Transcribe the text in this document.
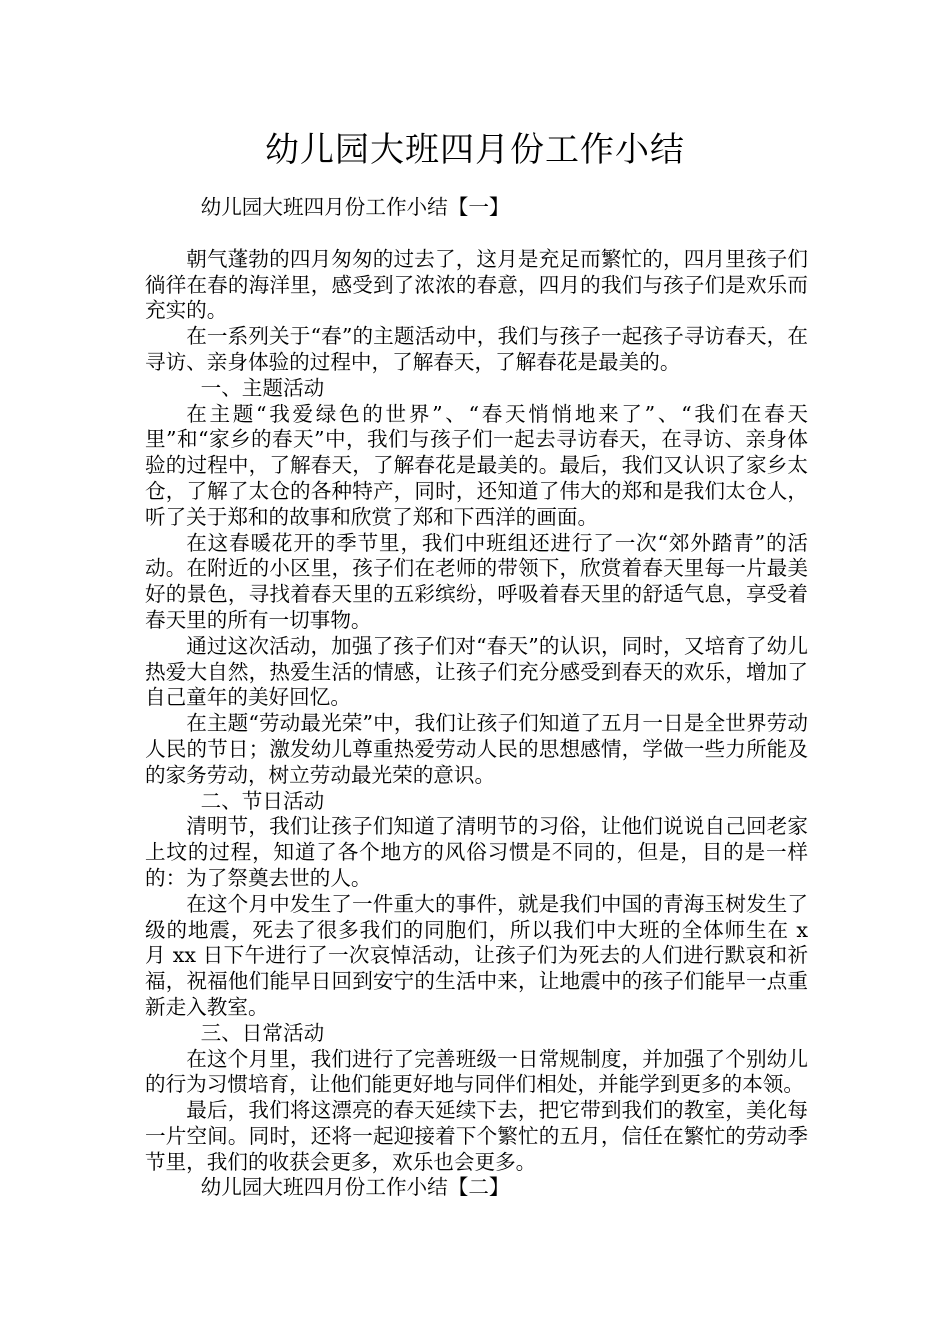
幼儿园大班四月份工作小结

幼儿园大班四月份工作小结【一】

朝气蓬勃的四月匆匆的过去了，这月是充足而繁忙的，四月里孩子们徜徉在春的海洋里，感受到了浓浓的春意，四月的我们与孩子们是欢乐而充实的。

在一系列关于“春”的主题活动中，我们与孩子一起孩子寻访春天，在寻访、亲身体验的过程中，了解春天，了解春花是最美的。

一、主题活动

在主题“我爱绿色的世界”、“春天悄悄地来了”、“我们在春天里”和“家乡的春天”中，我们与孩子们一起去寻访春天，在寻访、亲身体验的过程中，了解春天，了解春花是最美的。最后，我们又认识了家乡太仓，了解了太仓的各种特产，同时，还知道了伟大的郑和是我们太仓人，听了关于郑和的故事和欣赏了郑和下西洋的画面。

在这春暖花开的季节里，我们中班组还进行了一次“郊外踏青”的活动。在附近的小区里，孩子们在老师的带领下，欣赏着春天里每一片最美好的景色，寻找着春天里的五彩缤纷，呼吸着春天里的舒适气息，享受着春天里的所有一切事物。

通过这次活动，加强了孩子们对“春天”的认识，同时，又培育了幼儿热爱大自然，热爱生活的情感，让孩子们充分感受到春天的欢乐，增加了自己童年的美好回忆。

在主题“劳动最光荣”中，我们让孩子们知道了五月一日是全世界劳动人民的节日；激发幼儿尊重热爱劳动人民的思想感情，学做一些力所能及的家务劳动，树立劳动最光荣的意识。

二、节日活动

清明节，我们让孩子们知道了清明节的习俗，让他们说说自己回老家上坟的过程，知道了各个地方的风俗习惯是不同的，但是，目的是一样的：为了祭奠去世的人。

在这个月中发生了一件重大的事件，就是我们中国的青海玉树发生了级的地震，死去了很多我们的同胞们，所以我们中大班的全体师生在 x 月 xx 日下午进行了一次哀悼活动，让孩子们为死去的人们进行默哀和祈福，祝福他们能早日回到安宁的生活中来，让地震中的孩子们能早一点重新走入教室。

三、日常活动

在这个月里，我们进行了完善班级一日常规制度，并加强了个别幼儿的行为习惯培育，让他们能更好地与同伴们相处，并能学到更多的本领。

最后，我们将这漂亮的春天延续下去，把它带到我们的教室，美化每一片空间。同时，还将一起迎接着下个繁忙的五月，信任在繁忙的劳动季节里，我们的收获会更多，欢乐也会更多。

幼儿园大班四月份工作小结【二】
